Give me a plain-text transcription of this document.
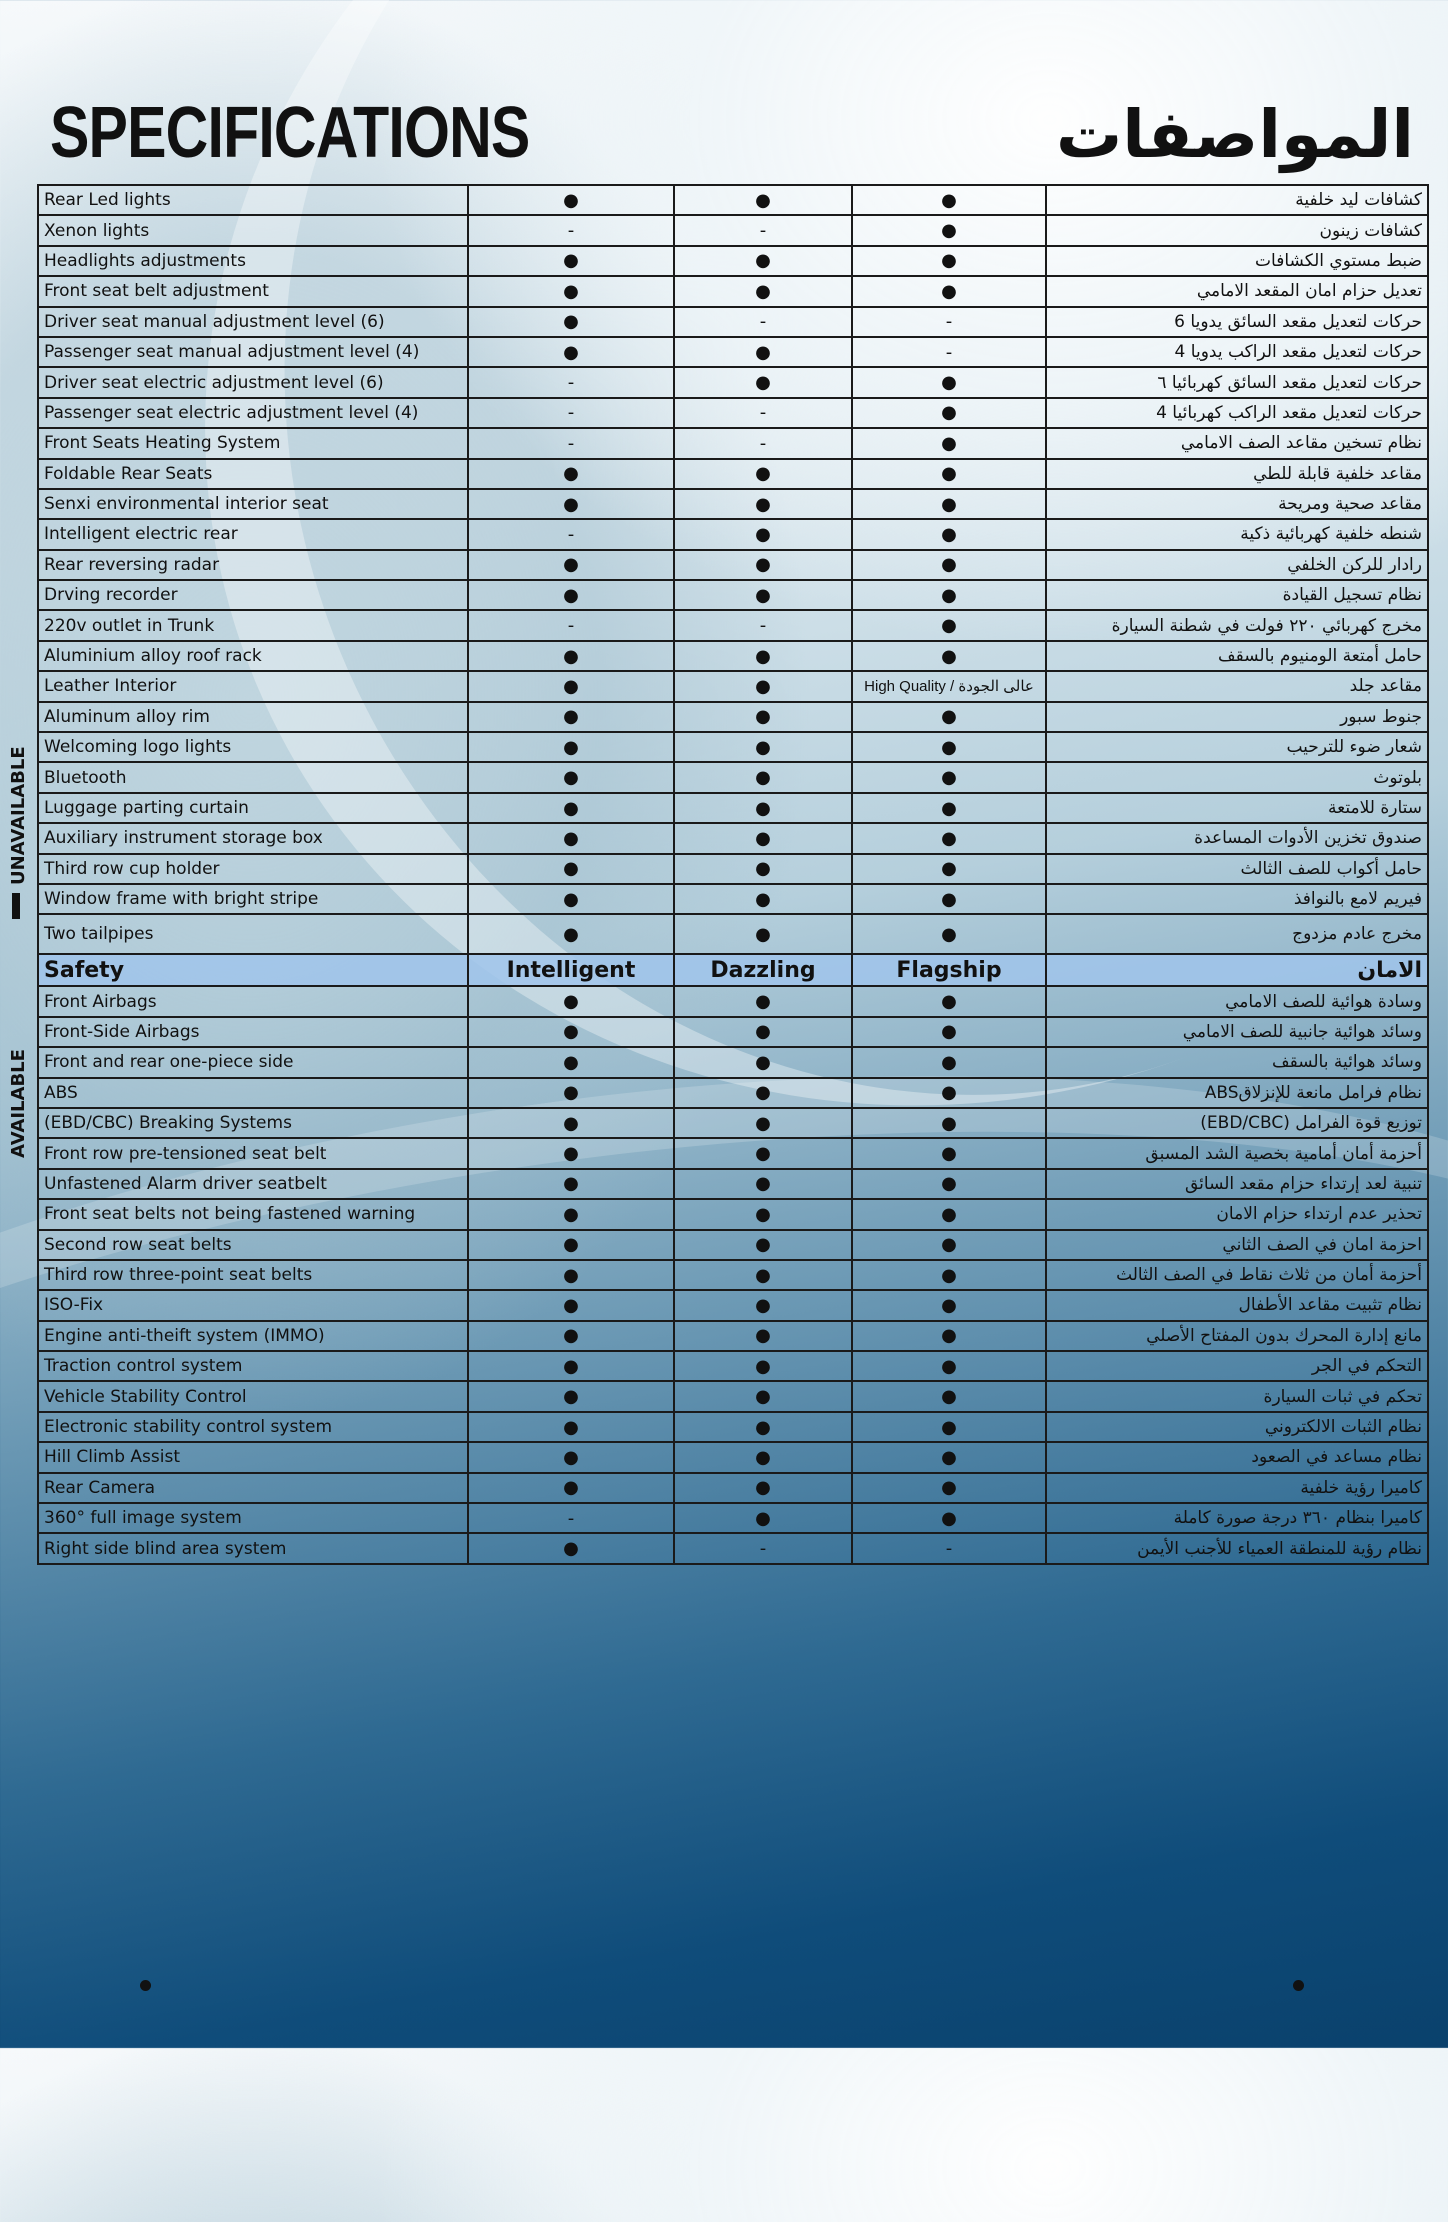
SPECIFICATIONS	المواصفات
UNAVAILABLE
AVAILABLE
Rear Led lights	●	●	●	كشافات ليد خلفية
Xenon lights	-	-	●	كشافات زينون
Headlights adjustments	●	●	●	ضبط مستوي الكشافات
Front seat belt adjustment	●	●	●	تعديل حزام امان المقعد الامامي
Driver seat manual adjustment level (6)	●	-	-	حركات لتعديل مقعد السائق يدويا 6
Passenger seat manual adjustment level (4)	●	●	-	حركات لتعديل مقعد الراكب يدويا 4
Driver seat electric adjustment level (6)	-	●	●	حركات لتعديل مقعد السائق كهربائيا ٦
Passenger seat electric adjustment level (4)	-	-	●	حركات لتعديل مقعد الراكب كهربائيا 4
Front Seats Heating System	-	-	●	نظام تسخين مقاعد الصف الامامي
Foldable Rear Seats	●	●	●	مقاعد خلفية قابلة للطي
Senxi environmental interior seat	●	●	●	مقاعد صحية ومريحة
Intelligent electric rear	-	●	●	شنطه خلفية كهربائية ذكية
Rear reversing radar	●	●	●	رادار للركن الخلفي
Drving recorder	●	●	●	نظام تسجيل القيادة
220v outlet in Trunk	-	-	●	مخرج كهربائي ٢٢٠ فولت في شطنة السيارة
Aluminium alloy roof rack	●	●	●	حامل أمتعة الومنيوم بالسقف
Leather Interior	●	●	High Quality / عالى الجودة	مقاعد جلد
Aluminum alloy rim	●	●	●	جنوط سبور
Welcoming logo lights	●	●	●	شعار ضوء للترحيب
Bluetooth	●	●	●	بلوتوث
Luggage parting curtain	●	●	●	ستارة للامتعة
Auxiliary instrument storage box	●	●	●	صندوق تخزين الأدوات المساعدة
Third row cup holder	●	●	●	حامل أكواب للصف الثالث
Window frame with bright stripe	●	●	●	فيريم لامع بالنوافذ
Two tailpipes	●	●	●	مخرج عادم مزدوج
Safety	Intelligent	Dazzling	Flagship	الامان
Front Airbags	●	●	●	وسادة هوائية للصف الامامي
Front-Side Airbags	●	●	●	وسائد هوائية جانبية للصف الامامي
Front and rear one-piece side	●	●	●	وسائد هوائية بالسقف
ABS	●	●	●	نظام فرامل مانعة للإنزلاقABS
(EBD/CBC) Breaking Systems	●	●	●	توزيع قوة الفرامل (EBD/CBC)
Front row pre-tensioned seat belt	●	●	●	أحزمة أمان أمامية بخصية الشد المسبق
Unfastened Alarm driver seatbelt	●	●	●	تنبية لعد إرتداء حزام مقعد السائق
Front seat belts not being fastened warning	●	●	●	تحذير عدم ارتداء حزام الامان
Second row seat belts	●	●	●	احزمة امان في الصف الثاني
Third row three-point seat belts	●	●	●	أحزمة أمان من ثلاث نقاط في الصف الثالث
ISO-Fix	●	●	●	نظام تثبيت مقاعد الأطفال
Engine anti-theift system (IMMO)	●	●	●	مانع إدارة المحرك بدون المفتاح الأصلي
Traction control system	●	●	●	التحكم في الجر
Vehicle Stability Control	●	●	●	تحكم في ثبات السيارة
Electronic stability control system	●	●	●	نظام الثبات الالكتروني
Hill Climb Assist	●	●	●	نظام مساعد في الصعود
Rear Camera	●	●	●	كاميرا رؤية خلفية
360° full image system	-	●	●	كاميرا بنظام ٣٦٠ درجة صورة كاملة
Right side blind area system	●	-	-	نظام رؤية للمنطقة العمياء للأجنب الأيمن
